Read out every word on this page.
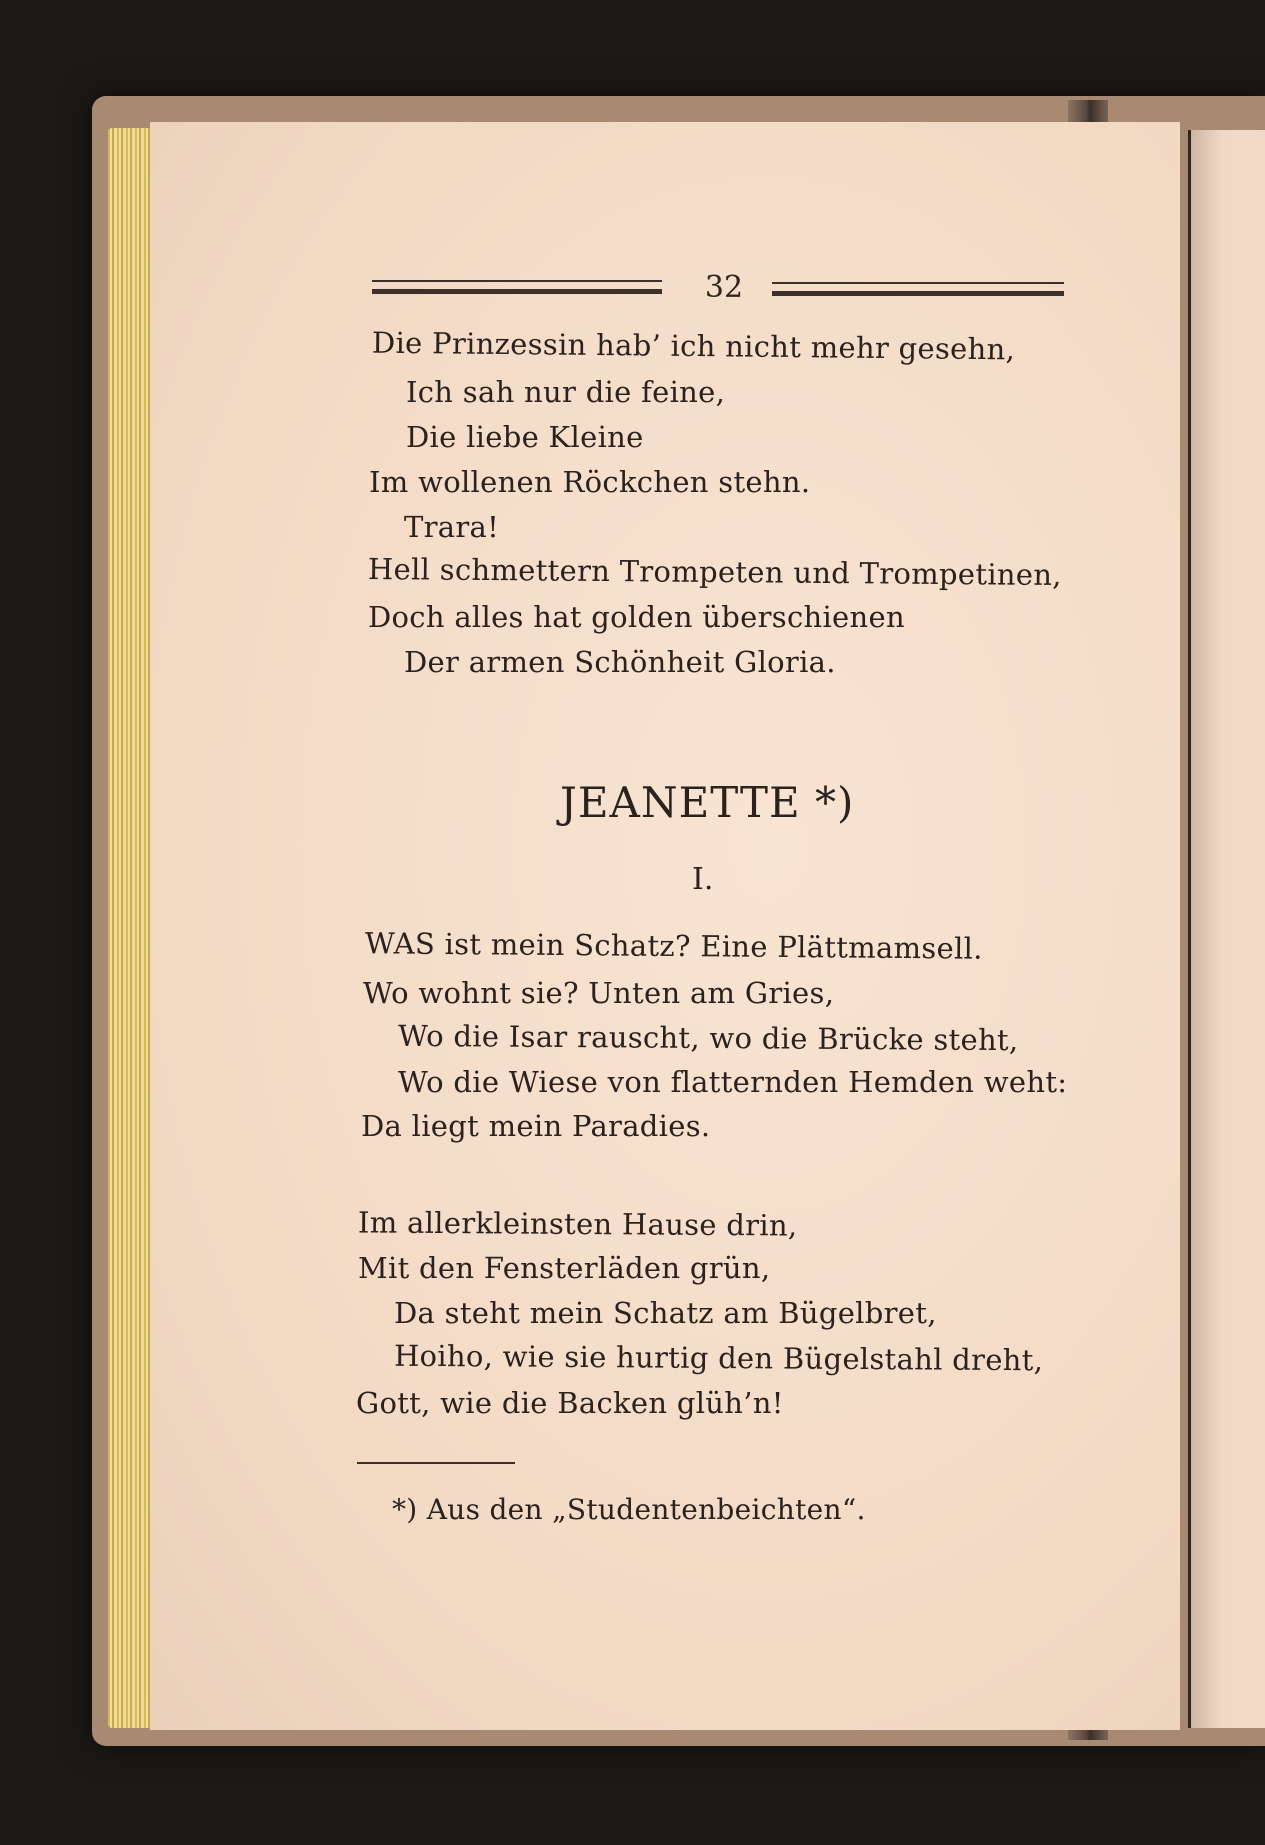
32
Die Prinzessin hab’ ich nicht mehr gesehn,
Ich sah nur die feine,
Die liebe Kleine
Im wollenen Röckchen stehn.
Trara!
Hell schmettern Trompeten und Trompetinen,
Doch alles hat golden überschienen
Der armen Schönheit Gloria.
JEANETTE *)
I.
WAS ist mein Schatz? Eine Plättmamsell.
Wo wohnt sie? Unten am Gries,
Wo die Isar rauscht, wo die Brücke steht,
Wo die Wiese von flatternden Hemden weht:
Da liegt mein Paradies.
Im allerkleinsten Hause drin,
Mit den Fensterläden grün,
Da steht mein Schatz am Bügelbret,
Hoiho, wie sie hurtig den Bügelstahl dreht,
Gott, wie die Backen glüh’n!
*) Aus den „Studentenbeichten“.
